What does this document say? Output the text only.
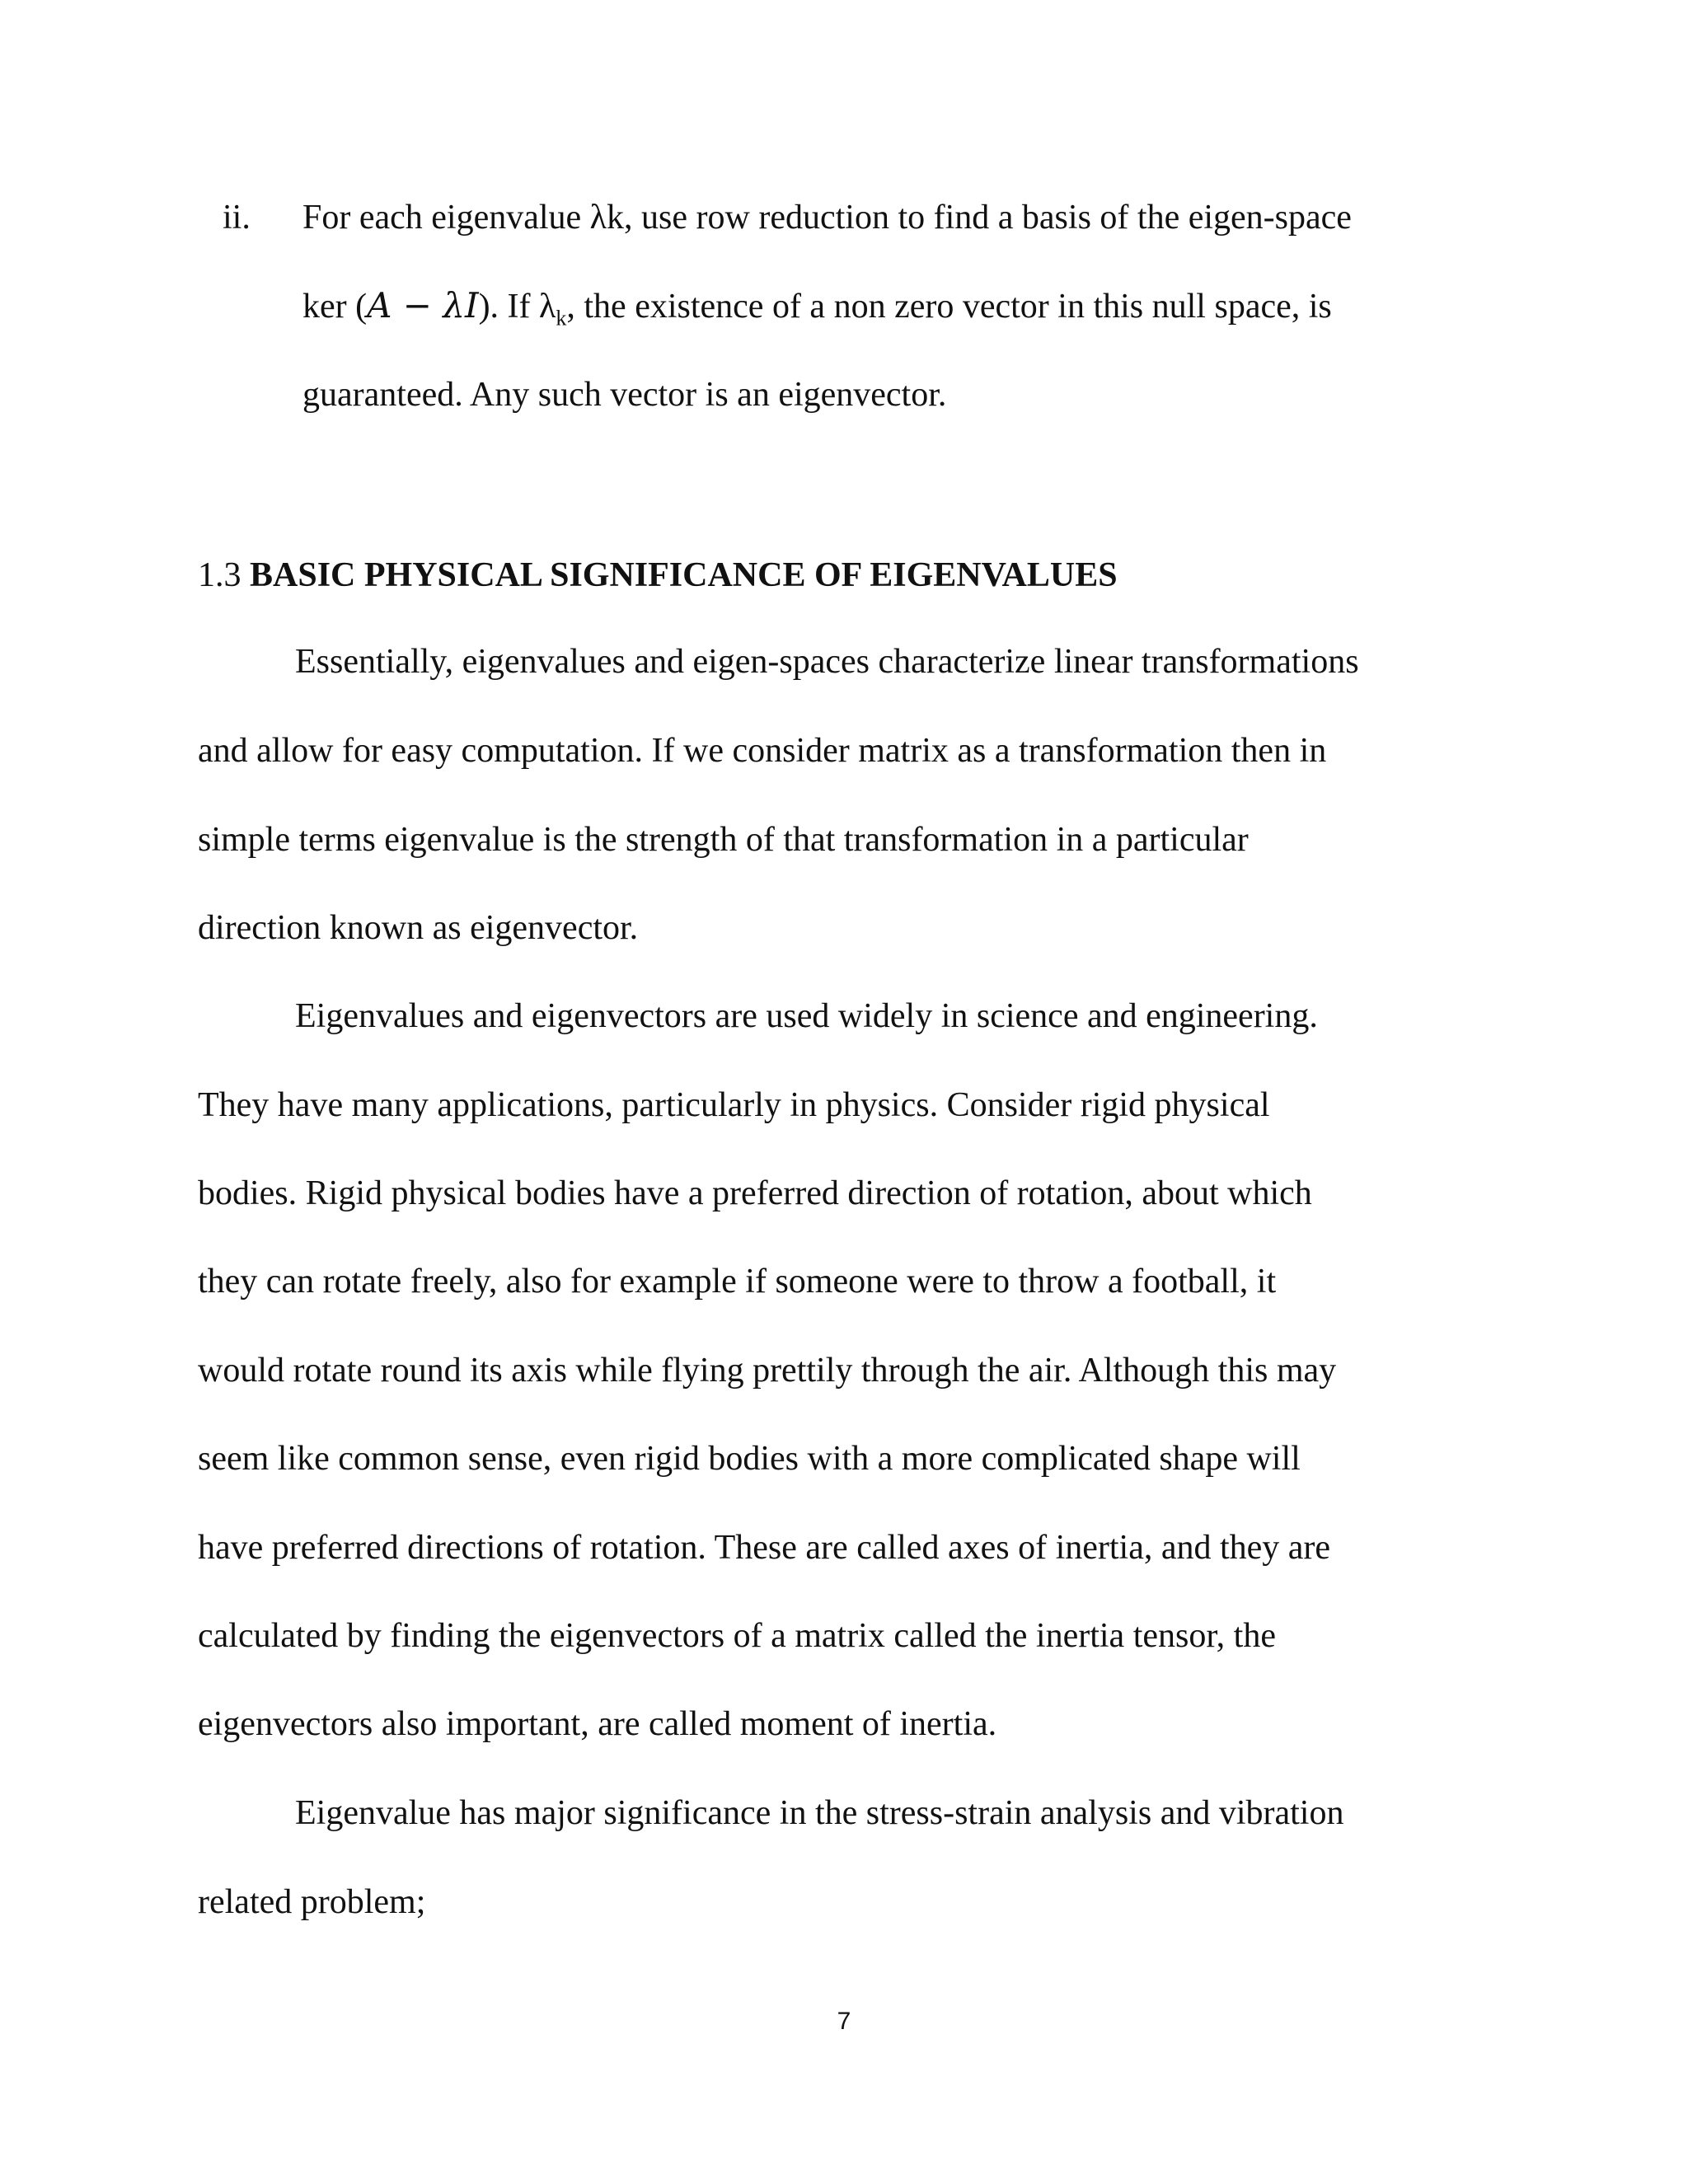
ii. For each eigenvalue λk, use row reduction to find a basis of the eigen-space
ker (A − λI). If $\lambda_k$, the existence of a non zero vector in this null space, is
guaranteed. Any such vector is an eigenvector.
1.3 BASIC PHYSICAL SIGNIFICANCE OF EIGENVALUES
Essentially, eigenvalues and eigen-spaces characterize linear transformations
and allow for easy computation. If we consider matrix as a transformation then in
simple terms eigenvalue is the strength of that transformation in a particular
direction known as eigenvector.
Eigenvalues and eigenvectors are used widely in science and engineering.
They have many applications, particularly in physics. Consider rigid physical
bodies. Rigid physical bodies have a preferred direction of rotation, about which
they can rotate freely, also for example if someone were to throw a football, it
would rotate round its axis while flying prettily through the air. Although this may
seem like common sense, even rigid bodies with a more complicated shape will
have preferred directions of rotation. These are called axes of inertia, and they are
calculated by finding the eigenvectors of a matrix called the inertia tensor, the
eigenvectors also important, are called moment of inertia.
Eigenvalue has major significance in the stress-strain analysis and vibration
related problem;
7
